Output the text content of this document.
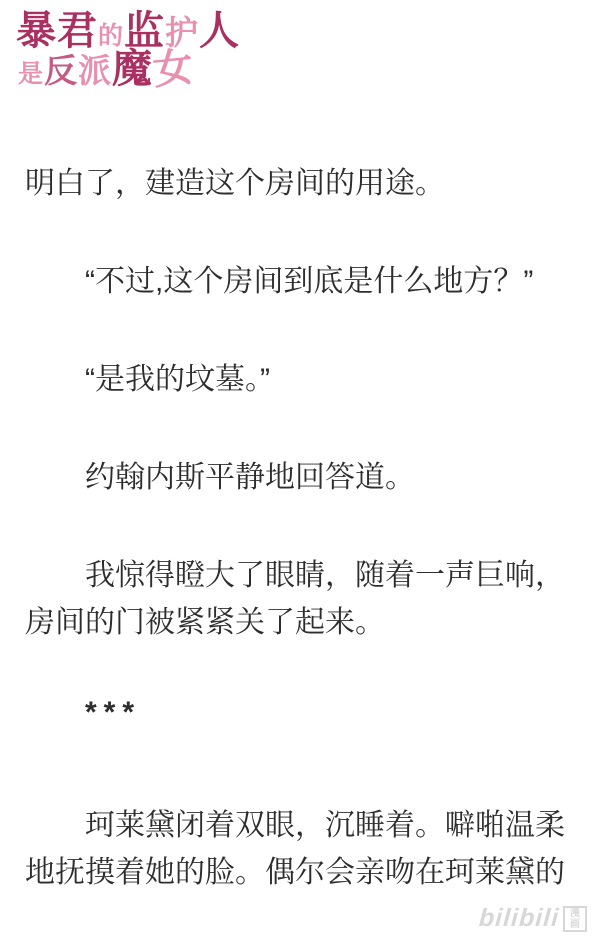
暴 君 的 监 护 人
是 反 派 魔
女

明白了，建造这个房间的用途。

“不过,这个房间到底是什么地方？”

“是我的坟墓。”

约翰内斯平静地回答道。

我惊得瞪大了眼睛，随着一声巨响，
房间的门被紧紧关了起来。

***

珂莱黛闭着双眼，沉睡着。噼啪温柔
地抚摸着她的脸。偶尔会亲吻在珂莱黛的

bilibili 漫
画
